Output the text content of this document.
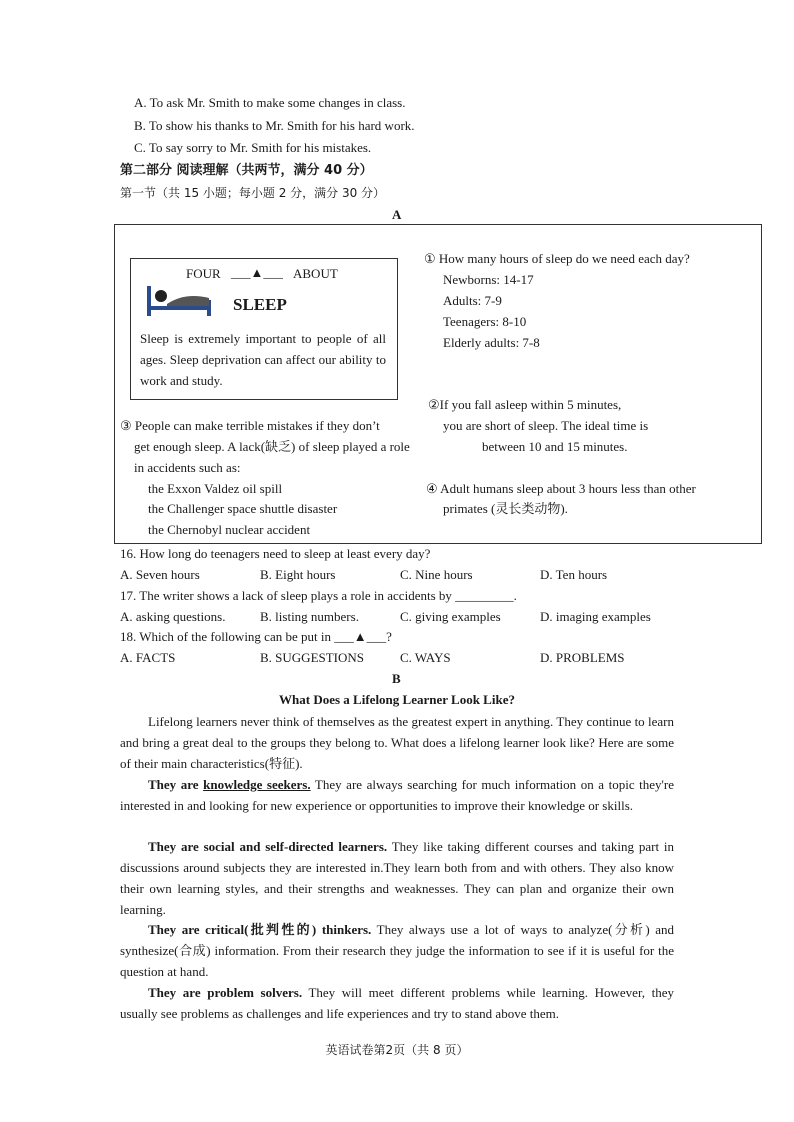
A. To ask Mr. Smith to make some changes in class.
B. To show his thanks to Mr. Smith for his hard work.
C. To say sorry to Mr. Smith for his mistakes.
第二部分 阅读理解（共两节，满分 40 分）
第一节（共 15 小题；每小题 2 分，满分 30 分）
A
FOUR ___▲___ ABOUT
SLEEP
Sleep is extremely important to people of all ages. Sleep deprivation can affect our ability to work and study.
① How many hours of sleep do we need each day?
Newborns: 14-17
Adults: 7-9
Teenagers: 8-10
Elderly adults: 7-8
②If you fall asleep within 5 minutes,
you are short of sleep. The ideal time is
between 10 and 15 minutes.
③ People can make terrible mistakes if they don’t
get enough sleep. A lack(缺乏) of sleep played a role
in accidents such as:
the Exxon Valdez oil spill
the Challenger space shuttle disaster
the Chernobyl nuclear accident
④ Adult humans sleep about 3 hours less than other
primates (灵长类动物).
16. How long do teenagers need to sleep at least every day?
A. Seven hours	B. Eight hours	C. Nine hours	D. Ten hours
17. The writer shows a lack of sleep plays a role in accidents by _________.
A. asking questions.	B. listing numbers.	C. giving examples	D. imaging examples
18. Which of the following can be put in ___▲___?
A. FACTS	B. SUGGESTIONS	C. WAYS	D. PROBLEMS
B
What Does a Lifelong Learner Look Like?
Lifelong learners never think of themselves as the greatest expert in anything. They continue to learn and bring a great deal to the groups they belong to. What does a lifelong learner look like? Here are some of their main characteristics(特征).
They are knowledge seekers. They are always searching for much information on a topic they're interested in and looking for new experience or opportunities to improve their knowledge or skills.
They are social and self-directed learners. They like taking different courses and taking part in discussions around subjects they are interested in.They learn both from and with others. They also know their own learning styles, and their strengths and weaknesses. They can plan and organize their own learning.
They are critical(批判性的) thinkers. They always use a lot of ways to analyze(分析) and synthesize(合成) information. From their research they judge the information to see if it is useful for the question at hand.
They are problem solvers. They will meet different problems while learning. However, they usually see problems as challenges and life experiences and try to stand above them.
英语试卷第2页（共 8 页）
